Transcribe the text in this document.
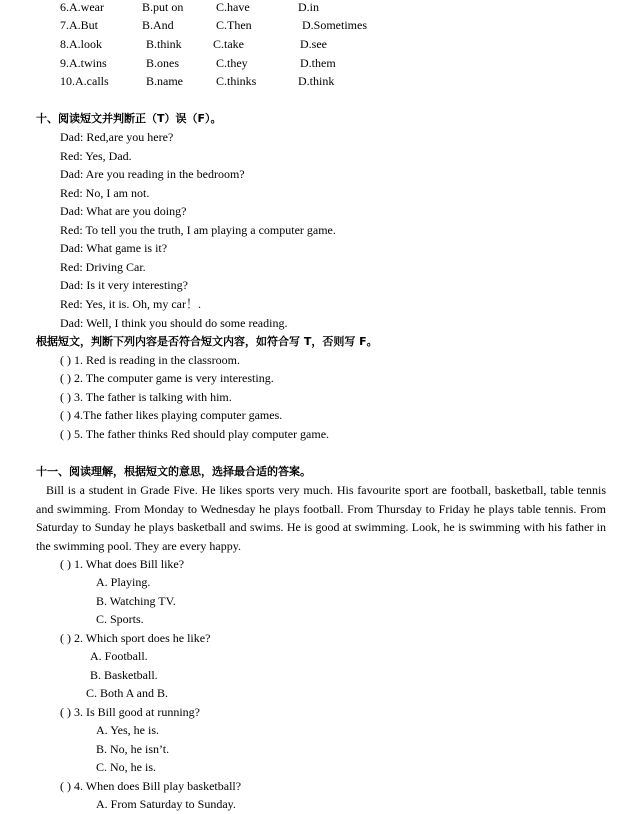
6.A.wear	B.put on	C.have	D.in
7.A.But	B.And	C.Then	D.Sometimes
8.A.look	B.think	C.take	D.see
9.A.twins	B.ones	C.they	D.them
10.A.calls	B.name	C.thinks	D.think
十、阅读短文并判断正（T）误（F）。
Dad: Red,are you here?
Red: Yes, Dad.
Dad: Are you reading in the bedroom?
Red: No, I am not.
Dad: What are you doing?
Red: To tell you the truth, I am playing a computer game.
Dad: What game is it?
Red: Driving Car.
Dad: Is it very interesting?
Red: Yes, it is. Oh, my car！.
Dad: Well, I think you should do some reading.
根据短文，判断下列内容是否符合短文内容，如符合写 T，否则写 F。
( ) 1. Red is reading in the classroom.
( ) 2. The computer game is very interesting.
( ) 3. The father is talking with him.
( ) 4.The father likes playing computer games.
( ) 5. The father thinks Red should play computer game.
十一、阅读理解，根据短文的意思，选择最合适的答案。
Bill is a student in Grade Five. He likes sports very much. His favourite sport are football, basketball, table tennis and swimming. From Monday to Wednesday he plays football. From Thursday to Friday he plays table tennis. From Saturday to Sunday he plays basketball and swims. He is good at swimming. Look, he is swimming with his father in the swimming pool. They are every happy.
( ) 1. What does Bill like?
A. Playing.
B. Watching TV.
C. Sports.
( ) 2. Which sport does he like?
A. Football.
B. Basketball.
C. Both A and B.
( ) 3. Is Bill good at running?
A. Yes, he is.
B. No, he isn’t.
C. No, he is.
( ) 4. When does Bill play basketball?
A. From Saturday to Sunday.
